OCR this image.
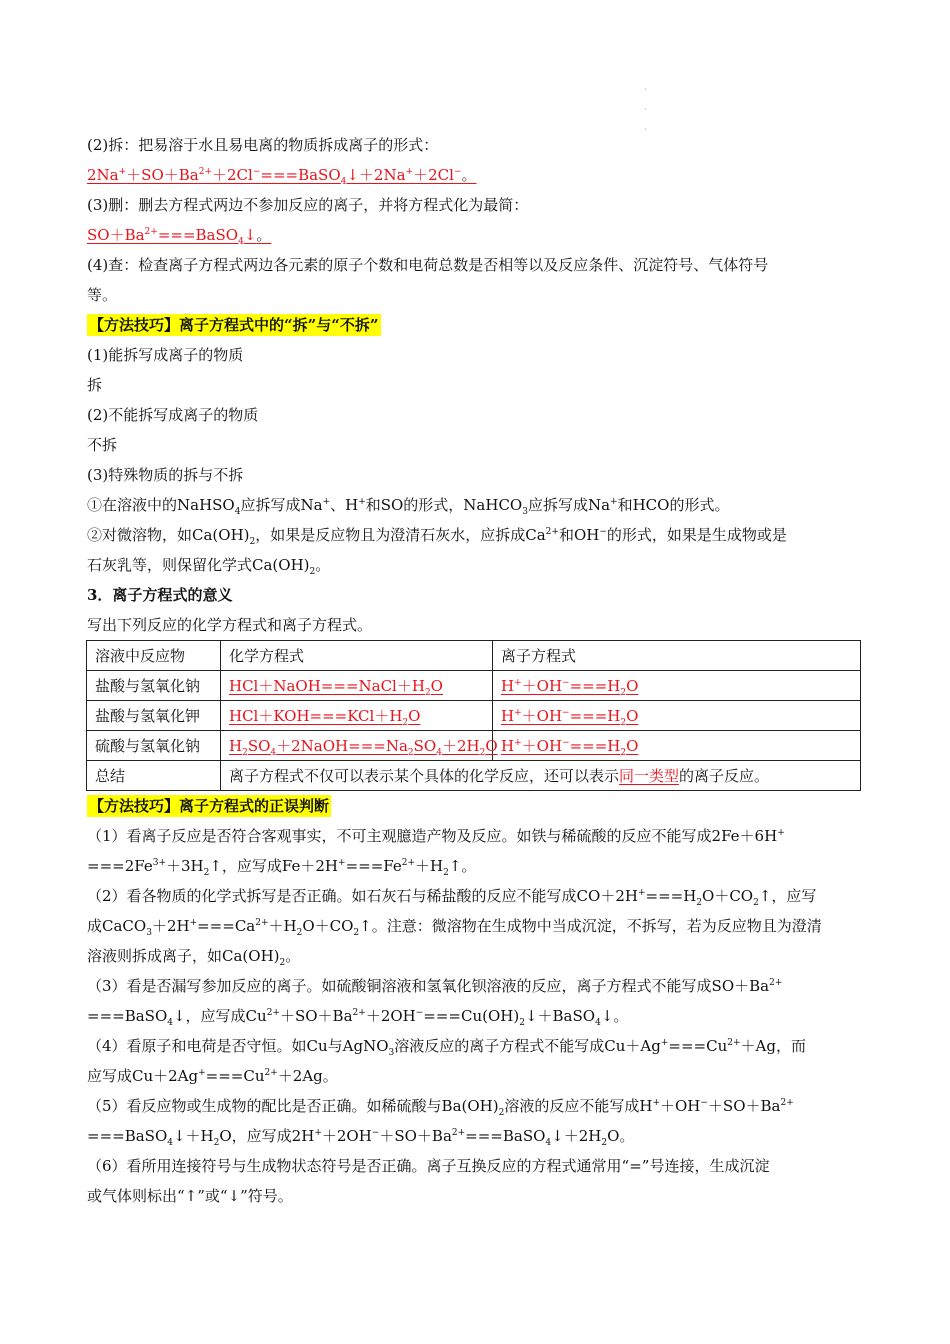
·
·
·
(2)拆：把易溶于水且易电离的物质拆成离子的形式：
$2Na^++SO+Ba^{2+}+2Cl^-===BaSO_4↓+2Na^++2Cl^-$。
(3)删：删去方程式两边不参加反应的离子，并将方程式化为最简：
$SO+Ba^{2+}===BaSO_4↓$。
(4)查：检查离子方程式两边各元素的原子个数和电荷总数是否相等以及反应条件、沉淀符号、气体符号
等。
【方法技巧】离子方程式中的“拆”与“不拆”
(1)能拆写成离子的物质
拆
(2)不能拆写成离子的物质
不拆
(3)特殊物质的拆与不拆
①在溶液中的NaHSO$_4$应拆写成Na+、H+和SO的形式，NaHCO$_3$应拆写成Na+和HCO的形式。
②对微溶物，如$Ca(OH)_2$，如果是反应物且为澄清石灰水，应拆成$Ca^{2+}$和OH−的形式，如果是生成物或是
石灰乳等，则保留化学式$Ca(OH)_2$。
3．离子方程式的意义
写出下列反应的化学方程式和离子方程式。
溶液中反应物	化学方程式	离子方程式
盐酸与氢氧化钠	$HCl+NaOH===NaCl+H_2O$	$H^++OH^-===H_2O$
盐酸与氢氧化钾	$HCl+KOH===KCl+H_2O$	$H^++OH^-===H_2O$
硫酸与氢氧化钠	$H_2SO_4+2NaOH===Na_2SO_4+2H_2O$	$H^++OH^-===H_2O$
总结	离子方程式不仅可以表示某个具体的化学反应，还可以表示同一类型的离子反应。	
【方法技巧】离子方程式的正误判断
（1）看离子反应是否符合客观事实，不可主观臆造产物及反应。如铁与稀硫酸的反应不能写成2Fe＋6H+
$===2Fe^{3+}+3H_2↑$，应写成$Fe+2H^+===Fe^{2+}+H_2↑$。
（2）看各物质的化学式拆写是否正确。如石灰石与稀盐酸的反应不能写成$CO+2H^+===H_2O+CO_2↑$，应写
成$CaCO_3+2H^+===Ca^{2+}+H_2O+CO_2↑$。注意：微溶物在生成物中当成沉淀，不拆写，若为反应物且为澄清
溶液则拆成离子，如$Ca(OH)_2$。
（3）看是否漏写参加反应的离子。如硫酸铜溶液和氢氧化钡溶液的反应，离子方程式不能写成$SO+Ba^{2+}$
===BaSO$_4$↓，应写成$Cu^{2+}+SO+Ba^{2+}+2OH^-===Cu(OH)_2↓+BaSO_4↓$。
（4）看原子和电荷是否守恒。如Cu与AgNO$_3$溶液反应的离子方程式不能写成$Cu+Ag^+===Cu^{2+}+Ag$，而
应写成$Cu+2Ag^+===Cu^{2+}+2Ag$。
（5）看反应物或生成物的配比是否正确。如稀硫酸与$Ba(OH)_2$溶液的反应不能写成$H^++OH^-+SO+Ba^{2+}$
$===BaSO_4↓+H_2O$，应写成$2H^++2OH^-+SO+Ba^{2+}===BaSO_4↓+2H_2O$。
（6）看所用连接符号与生成物状态符号是否正确。离子互换反应的方程式通常用“=”号连接，生成沉淀
或气体则标出“↑”或“↓”符号。
